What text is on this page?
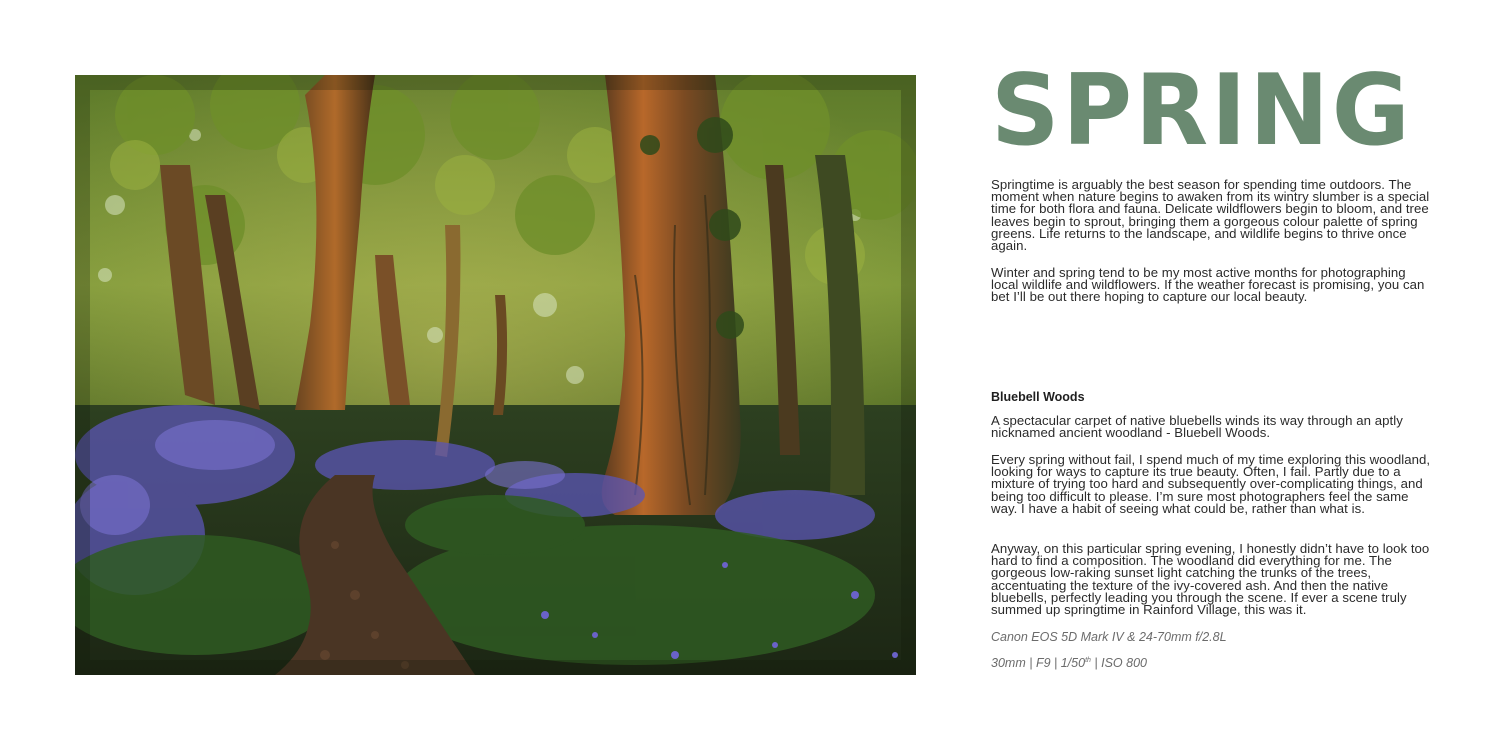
SPRING

Springtime is arguably the best season for spending time outdoors. The moment when nature begins to awaken from its wintry slumber is a special time for both flora and fauna. Delicate wildflowers begin to bloom, and tree leaves begin to sprout, bringing them a gorgeous colour palette of spring greens. Life returns to the landscape, and wildlife begins to thrive once again.

Winter and spring tend to be my most active months for photographing local wildlife and wildflowers. If the weather forecast is promising, you can bet I’ll be out there hoping to capture our local beauty.

Bluebell Woods

A spectacular carpet of native bluebells winds its way through an aptly nicknamed ancient woodland - Bluebell Woods.

Every spring without fail, I spend much of my time exploring this woodland, looking for ways to capture its true beauty. Often, I fail. Partly due to a mixture of trying too hard and subsequently over-complicating things, and being too difficult to please. I’m sure most photographers feel the same way. I have a habit of seeing what could be, rather than what is.

Anyway, on this particular spring evening, I honestly didn’t have to look too hard to find a composition. The woodland did everything for me. The gorgeous low-raking sunset light catching the trunks of the trees, accentuating the texture of the ivy-covered ash. And then the native bluebells, perfectly leading you through the scene. If ever a scene truly summed up springtime in Rainford Village, this was it.

Canon EOS 5D Mark IV & 24-70mm f/2.8L

30mm | F9 | 1/50th | ISO 800
